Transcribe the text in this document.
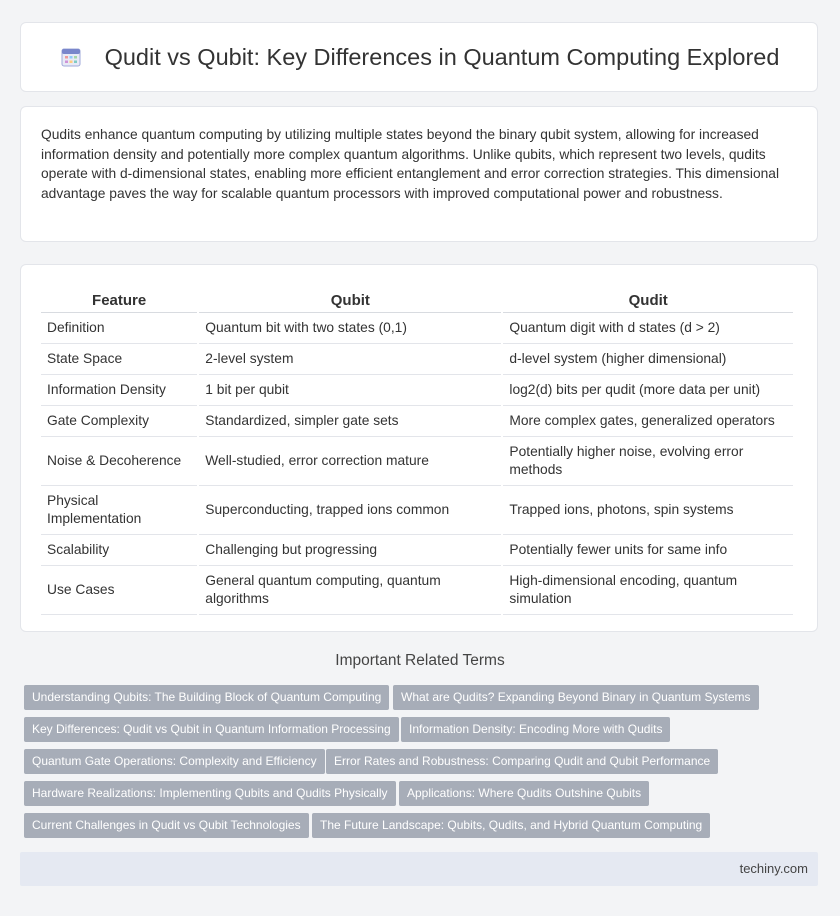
Qudit vs Qubit: Key Differences in Quantum Computing Explored

Qudits enhance quantum computing by utilizing multiple states beyond the binary qubit system, allowing for increased information density and potentially more complex quantum algorithms. Unlike qubits, which represent two levels, qudits operate with d-dimensional states, enabling more efficient entanglement and error correction strategies. This dimensional advantage paves the way for scalable quantum processors with improved computational power and robustness.

Feature	Qubit	Qudit
Definition	Quantum bit with two states (0,1)	Quantum digit with d states (d > 2)
State Space	2-level system	d-level system (higher dimensional)
Information Density	1 bit per qubit	log2(d) bits per qudit (more data per unit)
Gate Complexity	Standardized, simpler gate sets	More complex gates, generalized operators
Noise & Decoherence	Well-studied, error correction mature	Potentially higher noise, evolving error methods
Physical Implementation	Superconducting, trapped ions common	Trapped ions, photons, spin systems
Scalability	Challenging but progressing	Potentially fewer units for same info
Use Cases	General quantum computing, quantum algorithms	High-dimensional encoding, quantum simulation
Important Related Terms
Understanding Qubits: The Building Block of Quantum Computing	What are Qudits? Expanding Beyond Binary in Quantum Systems
Key Differences: Qudit vs Qubit in Quantum Information Processing	Information Density: Encoding More with Qudits
Quantum Gate Operations: Complexity and Efficiency	Error Rates and Robustness: Comparing Qudit and Qubit Performance
Hardware Realizations: Implementing Qubits and Qudits Physically	Applications: Where Qudits Outshine Qubits
Current Challenges in Qudit vs Qubit Technologies	The Future Landscape: Qubits, Qudits, and Hybrid Quantum Computing
techiny.com
